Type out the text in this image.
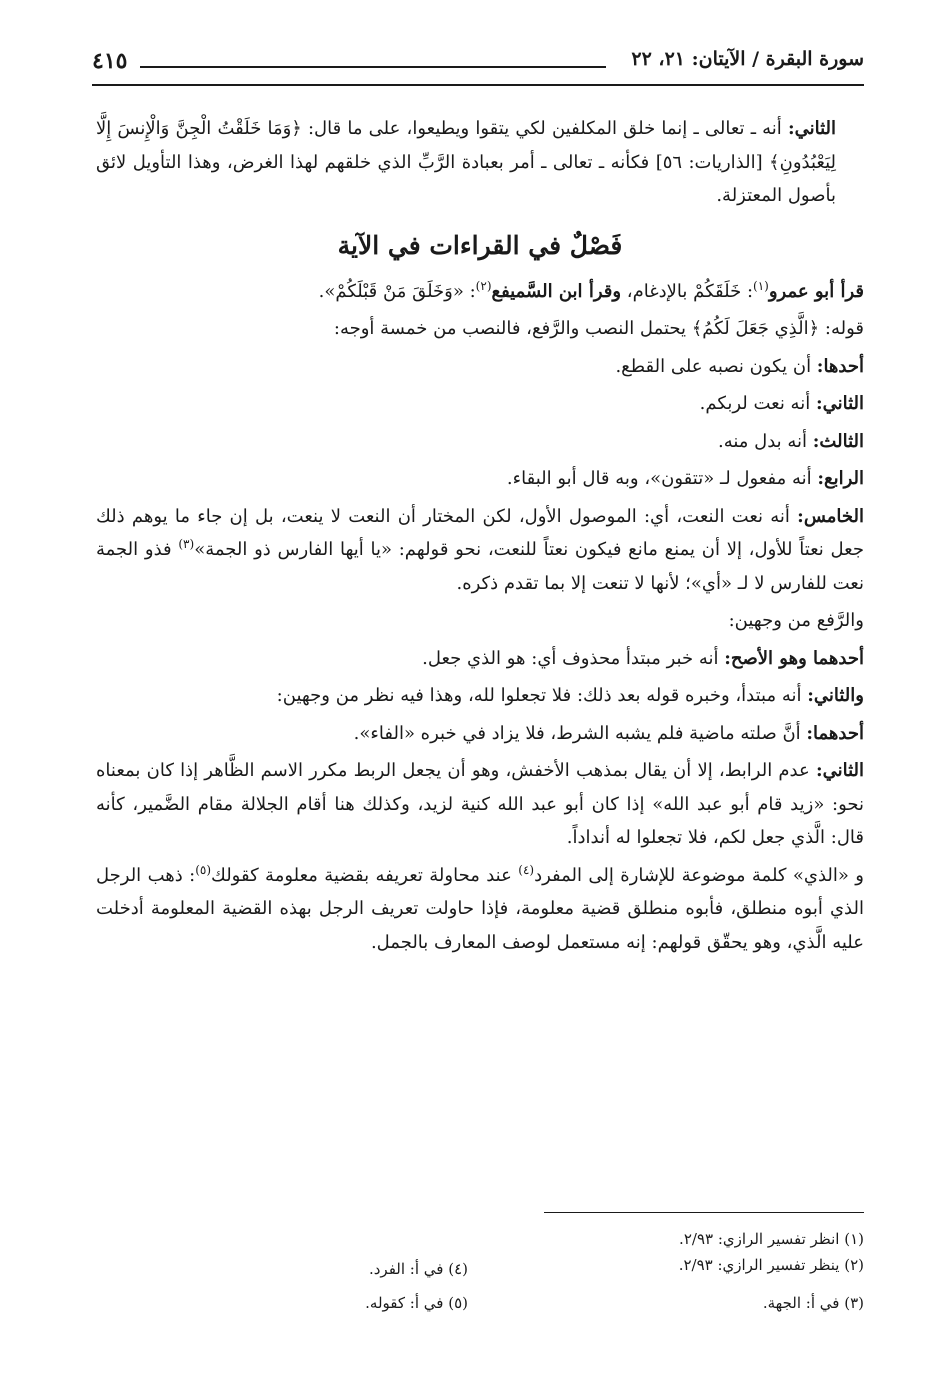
سورة البقرة / الآيتان: ٢١، ٢٢
٤١٥

الثاني: أنه ـ تعالى ـ إنما خلق المكلفين لكي يتقوا ويطيعوا، على ما قال: ﴿وَمَا خَلَقْتُ الْجِنَّ وَالْإِنسَ إِلَّا لِيَعْبُدُونِ﴾ [الذاريات: ٥٦] فكأنه ـ تعالى ـ أمر بعبادة الرَّبِّ الذي خلقهم لهذا الغرض، وهذا التأويل لائق بأصول المعتزلة.

فَصْلٌ في القراءات في الآية

قرأ أبو عمرو$^{(١)}$: خَلَقَكُمْ بالإدغام، وقرأ ابن السَّميفع$^{(٢)}$: «وَخَلَقَ مَنْ قَبْلَكُمْ».

قوله: ﴿الَّذِي جَعَلَ لَكُمُ﴾ يحتمل النصب والرَّفع، فالنصب من خمسة أوجه:

أحدها: أن يكون نصبه على القطع.

الثاني: أنه نعت لربكم.

الثالث: أنه بدل منه.

الرابع: أنه مفعول لـ «تتقون»، وبه قال أبو البقاء.

الخامس: أنه نعت النعت، أي: الموصول الأول، لكن المختار أن النعت لا ينعت، بل إن جاء ما يوهم ذلك جعل نعتاً للأول، إلا أن يمنع مانع فيكون نعتاً للنعت، نحو قولهم: «يا أيها الفارس ذو الجمة»$^{(٣)}$ فذو الجمة نعت للفارس لا لـ «أي»؛ لأنها لا تنعت إلا بما تقدم ذكره.

والرَّفع من وجهين:

أحدهما وهو الأصح: أنه خبر مبتدأ محذوف أي: هو الذي جعل.

والثاني: أنه مبتدأ، وخبره قوله بعد ذلك: فلا تجعلوا لله، وهذا فيه نظر من وجهين:

أحدهما: أنَّ صلته ماضية فلم يشبه الشرط، فلا يزاد في خبره «الفاء».

الثاني: عدم الرابط، إلا أن يقال بمذهب الأخفش، وهو أن يجعل الربط مكرر الاسم الظَّاهر إذا كان بمعناه نحو: «زيد قام أبو عبد الله» إذا كان أبو عبد الله كنية لزيد، وكذلك هنا أقام الجلالة مقام الضَّمير، كأنه قال: الَّذي جعل لكم، فلا تجعلوا له أنداداً.

و «الذي» كلمة موضوعة للإشارة إلى المفرد$^{(٤)}$ عند محاولة تعريفه بقضية معلومة كقولك$^{(٥)}$: ذهب الرجل الذي أبوه منطلق، فأبوه منطلق قضية معلومة، فإذا حاولت تعريف الرجل بهذه القضية المعلومة أدخلت عليه الَّذي، وهو يحقّق قولهم: إنه مستعمل لوصف المعارف بالجمل.

(١) انظر تفسير الرازي: ٢/٩٣.
(٢) ينظر تفسير الرازي: ٢/٩٣.
(٣) في أ: الجهة.
(٤) في أ: الفرد.
(٥) في أ: كقوله.
